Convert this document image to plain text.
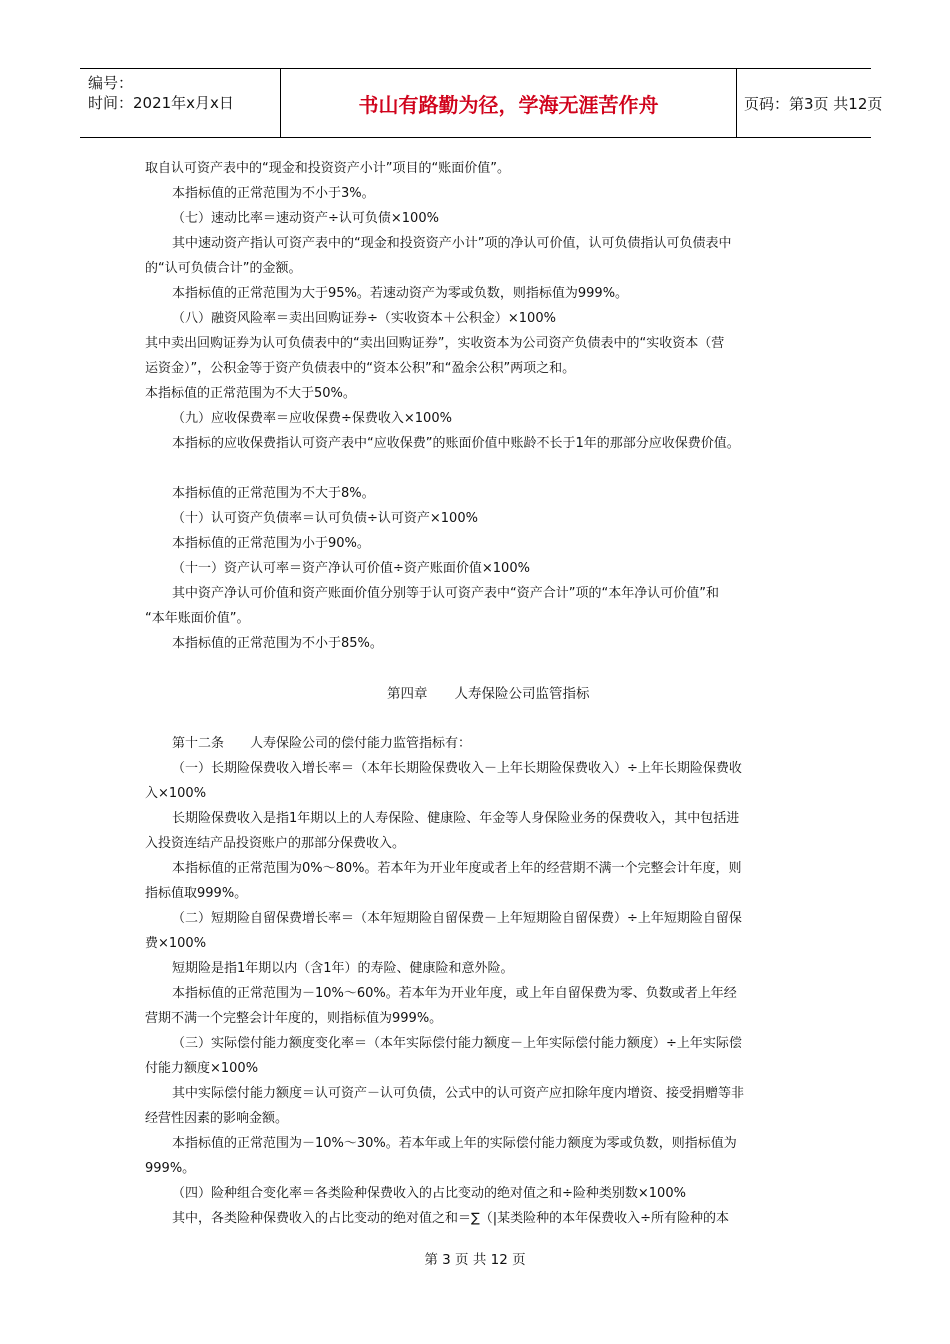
编号：
时间：2021年x月x日	书山有路勤为径，学海无涯苦作舟	页码：第3页 共12页
取自认可资产表中的“现金和投资资产小计”项目的“账面价值”。
本指标值的正常范围为不小于3%。
（七）速动比率＝速动资产÷认可负债×100%
其中速动资产指认可资产表中的“现金和投资资产小计”项的净认可价值，认可负债指认可负债表中
的“认可负债合计”的金额。
本指标值的正常范围为大于95%。若速动资产为零或负数，则指标值为999%。
（八）融资风险率＝卖出回购证券÷（实收资本＋公积金）×100%
其中卖出回购证券为认可负债表中的“卖出回购证券”，实收资本为公司资产负债表中的“实收资本（营
运资金）”，公积金等于资产负债表中的“资本公积”和“盈余公积”两项之和。
本指标值的正常范围为不大于50%。
（九）应收保费率＝应收保费÷保费收入×100%
本指标的应收保费指认可资产表中“应收保费”的账面价值中账龄不长于1年的那部分应收保费价值。
本指标值的正常范围为不大于8%。
（十）认可资产负债率＝认可负债÷认可资产×100%
本指标值的正常范围为小于90%。
（十一）资产认可率＝资产净认可价值÷资产账面价值×100%
其中资产净认可价值和资产账面价值分别等于认可资产表中“资产合计”项的“本年净认可价值”和
“本年账面价值”。
本指标值的正常范围为不小于85%。
第四章　　人寿保险公司监管指标
第十二条　　人寿保险公司的偿付能力监管指标有：
（一）长期险保费收入增长率＝（本年长期险保费收入－上年长期险保费收入）÷上年长期险保费收
入×100%
长期险保费收入是指1年期以上的人寿保险、健康险、年金等人身保险业务的保费收入，其中包括进
入投资连结产品投资账户的那部分保费收入。
本指标值的正常范围为0%～80%。若本年为开业年度或者上年的经营期不满一个完整会计年度，则
指标值取999%。
（二）短期险自留保费增长率＝（本年短期险自留保费－上年短期险自留保费）÷上年短期险自留保
费×100%
短期险是指1年期以内（含1年）的寿险、健康险和意外险。
本指标值的正常范围为－10%～60%。若本年为开业年度，或上年自留保费为零、负数或者上年经
营期不满一个完整会计年度的，则指标值为999%。
（三）实际偿付能力额度变化率＝（本年实际偿付能力额度－上年实际偿付能力额度）÷上年实际偿
付能力额度×100%
其中实际偿付能力额度＝认可资产－认可负债，公式中的认可资产应扣除年度内增资、接受捐赠等非
经营性因素的影响金额。
本指标值的正常范围为－10%～30%。若本年或上年的实际偿付能力额度为零或负数，则指标值为
999%。
（四）险种组合变化率＝各类险种保费收入的占比变动的绝对值之和÷险种类别数×100%
其中，各类险种保费收入的占比变动的绝对值之和＝∑（|某类险种的本年保费收入÷所有险种的本
第 3 页 共 12 页
